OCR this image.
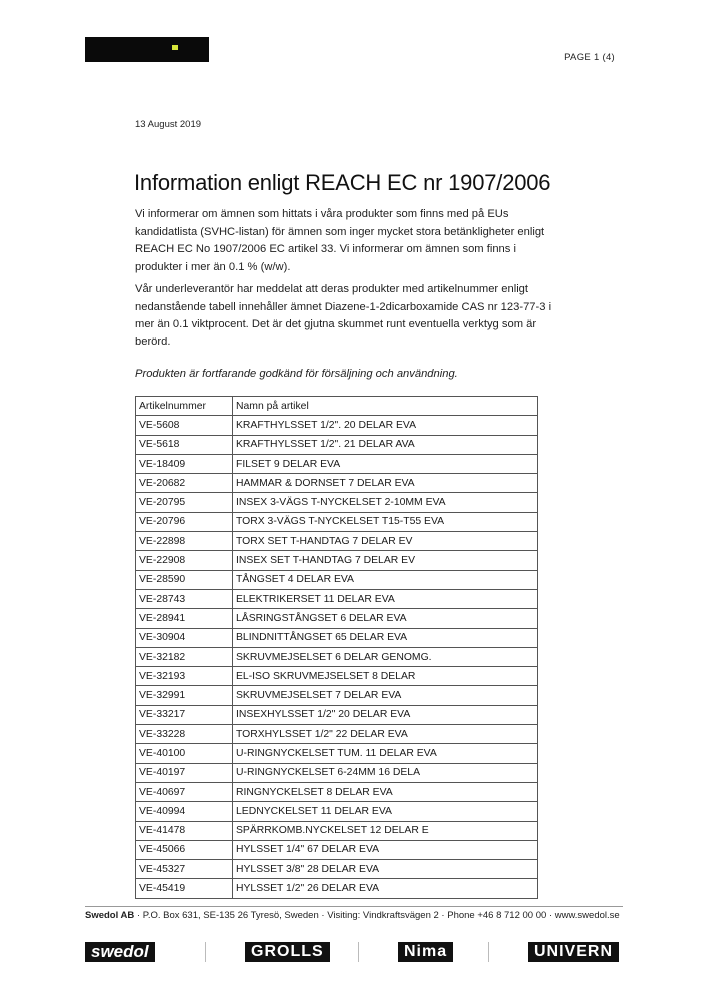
PAGE 1 (4)
13 August 2019
Information enligt REACH EC nr 1907/2006

Vi informerar om ämnen som hittats i våra produkter som finns med på EUs kandidatlista (SVHC-listan) för ämnen som inger mycket stora betänkligheter enligt REACH EC No 1907/2006 EC artikel 33. Vi informerar om ämnen som finns i produkter i mer än 0.1 % (w/w).

Vår underleverantör har meddelat att deras produkter med artikelnummer enligt nedanstående tabell innehåller ämnet Diazene-1-2dicarboxamide CAS nr 123-77-3 i mer än 0.1 viktprocent. Det är det gjutna skummet runt eventuella verktyg som är berörd.

Produkten är fortfarande godkänd för försäljning och användning.

Artikelnummer	Namn på artikel
VE-5608	KRAFTHYLSSET 1/2". 20 DELAR EVA
VE-5618	KRAFTHYLSSET 1/2". 21 DELAR AVA
VE-18409	FILSET 9 DELAR EVA
VE-20682	HAMMAR & DORNSET 7 DELAR EVA
VE-20795	INSEX 3-VÄGS T-NYCKELSET 2-10MM EVA
VE-20796	TORX 3-VÄGS T-NYCKELSET T15-T55 EVA
VE-22898	TORX SET T-HANDTAG 7 DELAR EV
VE-22908	INSEX SET T-HANDTAG 7 DELAR EV
VE-28590	TÅNGSET 4 DELAR EVA
VE-28743	ELEKTRIKERSET 11 DELAR EVA
VE-28941	LÅSRINGSTÅNGSET 6 DELAR EVA
VE-30904	BLINDNITTÅNGSET 65 DELAR EVA
VE-32182	SKRUVMEJSELSET 6 DELAR GENOMG.
VE-32193	EL-ISO SKRUVMEJSELSET 8 DELAR
VE-32991	SKRUVMEJSELSET 7 DELAR EVA
VE-33217	INSEXHYLSSET 1/2" 20 DELAR EVA
VE-33228	TORXHYLSSET 1/2" 22 DELAR EVA
VE-40100	U-RINGNYCKELSET TUM. 11 DELAR EVA
VE-40197	U-RINGNYCKELSET 6-24MM 16 DELA
VE-40697	RINGNYCKELSET 8 DELAR EVA
VE-40994	LEDNYCKELSET 11 DELAR EVA
VE-41478	SPÄRRKOMB.NYCKELSET 12 DELAR E
VE-45066	HYLSSET 1/4" 67 DELAR EVA
VE-45327	HYLSSET 3/8" 28 DELAR EVA
VE-45419	HYLSSET 1/2" 26 DELAR EVA
Swedol AB · P.O. Box 631, SE-135 26 Tyresö, Sweden · Visiting: Vindkraftsvägen 2 · Phone +46 8 712 00 00 · www.swedol.se
swedol	GROLLS	Nima	UNIVERN
